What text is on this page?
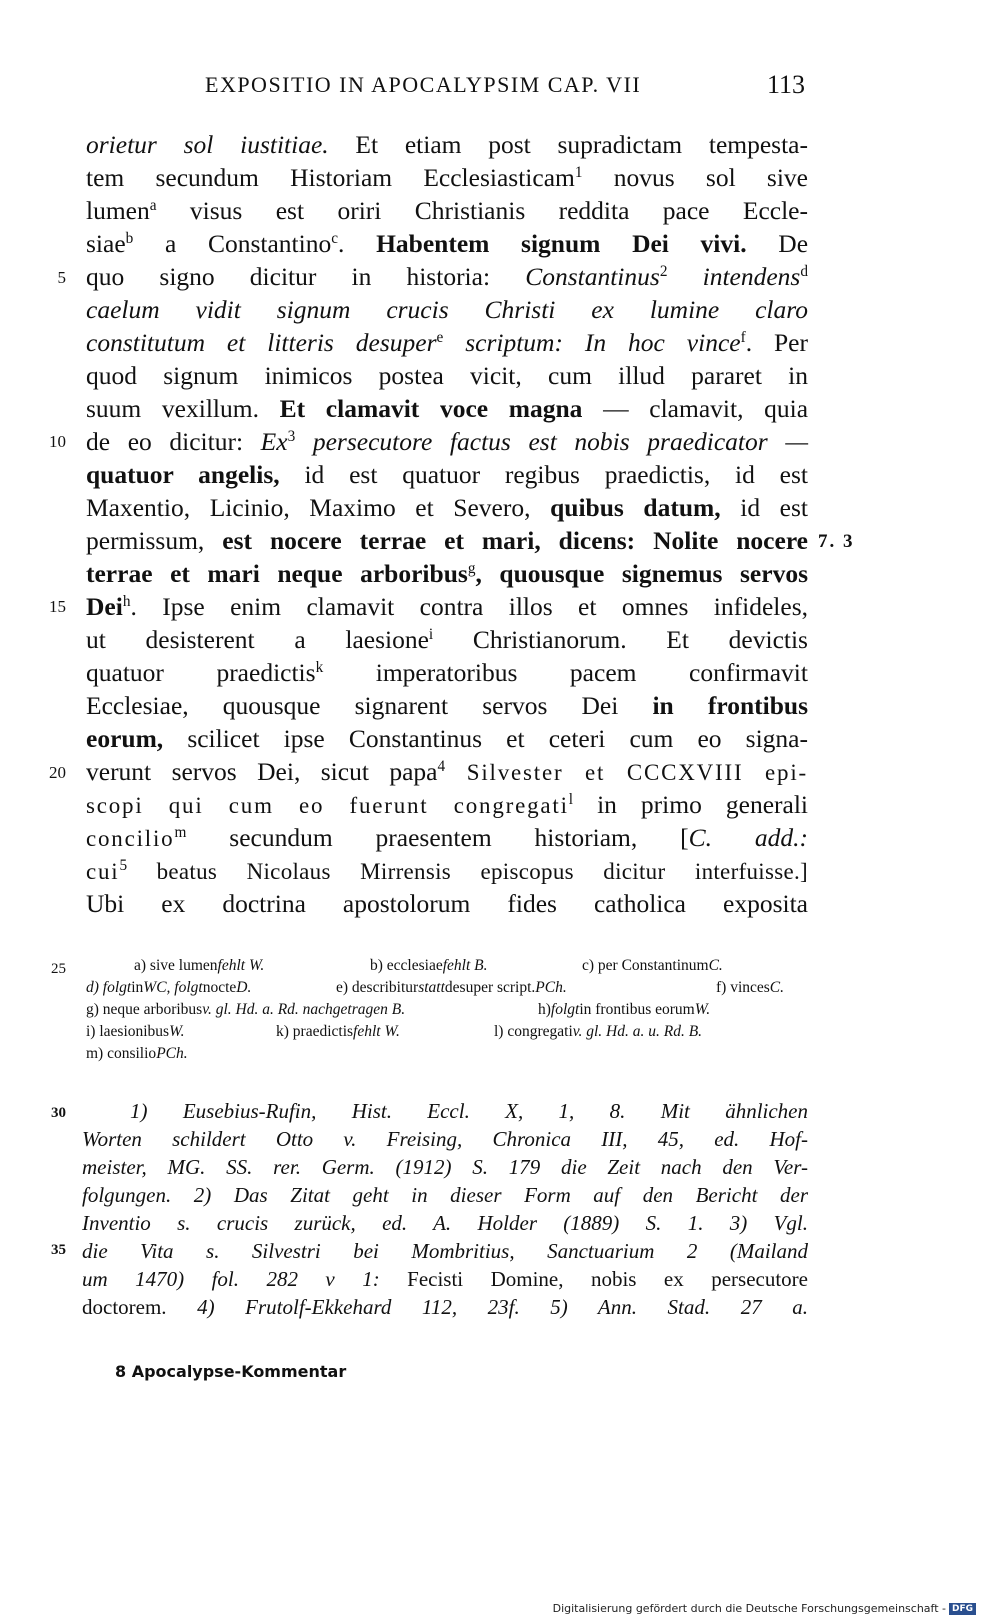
EXPOSITIO IN APOCALYPSIM CAP. VII	113
5
10
15
20
25
30
35
7. 3
orietur sol iustitiae. Et etiam post supradictam tempesta-
tem secundum Historiam Ecclesiasticam$^1$ novus sol sive
lumen$^a$ visus est oriri Christianis reddita pace Eccle-
siae$^b$ a Constantino$^c$. Habentem signum Dei vivi. De
quo signo dicitur in historia: Constantinus$^2$ intendens$^d$
caelum vidit signum crucis Christi ex lumine claro
constitutum et litteris desuper$^e$ scriptum: In hoc vince$^f$. Per
quod signum inimicos postea vicit, cum illud pararet in
suum vexillum. Et clamavit voce magna — clamavit, quia
de eo dicitur: Ex$^3$ persecutore factus est nobis praedicator —
quatuor angelis, id est quatuor regibus praedictis, id est
Maxentio, Licinio, Maximo et Severo, quibus datum, id est
permissum, est nocere terrae et mari, dicens: Nolite nocere
terrae et mari neque arboribus$^g$, quousque signemus servos
Dei$^h$. Ipse enim clamavit contra illos et omnes infideles,
ut desisterent a laesione$^i$ Christianorum. Et devictis
quatuor praedictis$^k$ imperatoribus pacem confirmavit
Ecclesiae, quousque signarent servos Dei in frontibus
eorum, scilicet ipse Constantinus et ceteri cum eo signa-
verunt servos Dei, sicut papa$^4$ Silvester et CCCXVIII epi-
scopi qui cum eo fuerunt congregati$^l$ in primo generali
concilio$^m$ secundum praesentem historiam, [C. add.:
cui$^5$ beatus Nicolaus Mirrensis episcopus dicitur interfuisse.]
Ubi ex doctrina apostolorum fides catholica exposita
a) sive lumenfehlt W.	b) ecclesiaefehlt B.	c) per ConstantinumC.
d) folgtinWC, folgtnocteD.	e) describiturstattdesuper script.PCh.	f) vincesC.
g) neque arboribusv. gl. Hd. a. Rd. nachgetragen B.	h)folgtin frontibus eorumW.
i) laesionibusW.	k) praedictisfehlt W.	l) congregativ. gl. Hd. a. u. Rd. B.
m) consilioPCh.
1) Eusebius-Rufin, Hist. Eccl. X, 1, 8. Mit ähnlichen
Worten schildert Otto v. Freising, Chronica III, 45, ed. Hof-
meister, MG. SS. rer. Germ. (1912) S. 179 die Zeit nach den Ver-
folgungen. 2) Das Zitat geht in dieser Form auf den Bericht der
Inventio s. crucis zurück, ed. A. Holder (1889) S. 1. 3) Vgl.
die Vita s. Silvestri bei Mombritius, Sanctuarium 2 (Mailand
um 1470) fol. 282 v 1: Fecisti Domine, nobis ex persecutore
doctorem. 4) Frutolf-Ekkehard 112, 23f. 5) Ann. Stad. 27 a.
8 Apocalypse-Kommentar
Digitalisierung gefördert durch die Deutsche Forschungsgemeinschaft - DFG
